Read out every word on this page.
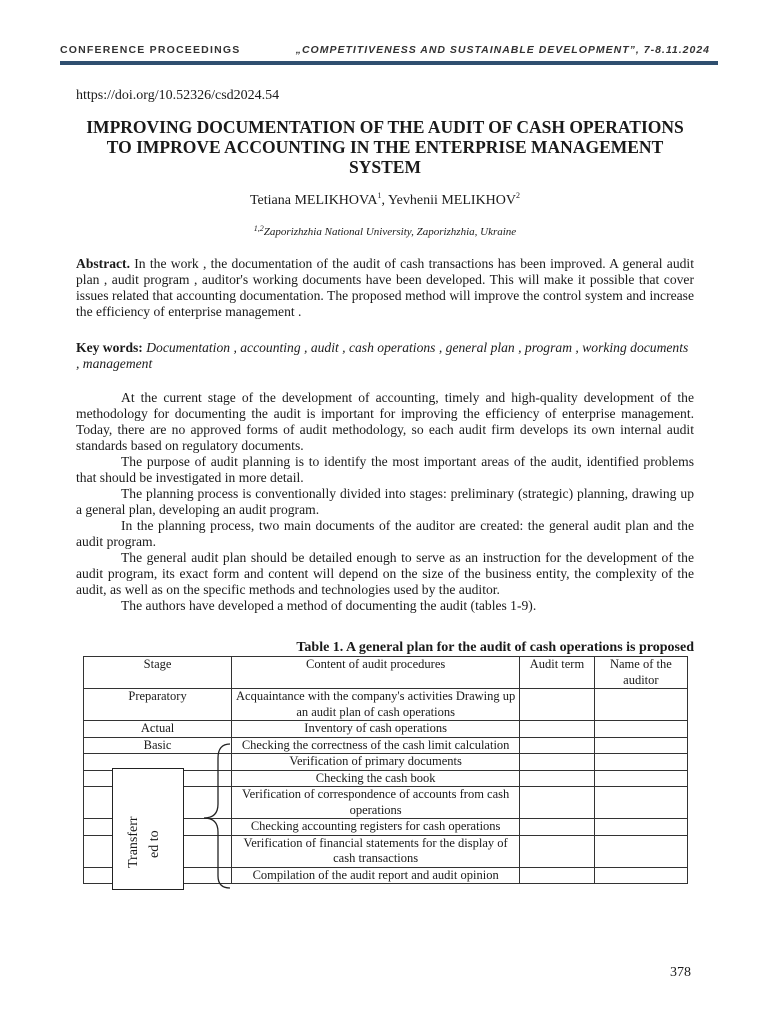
CONFERENCE PROCEEDINGS	„COMPETITIVENESS AND SUSTAINABLE DEVELOPMENT”, 7-8.11.2024
https://doi.org/10.52326/csd2024.54
IMPROVING DOCUMENTATION OF THE AUDIT OF CASH OPERATIONS TO IMPROVE ACCOUNTING IN THE ENTERPRISE MANAGEMENT SYSTEM
Tetiana MELIKHOVA$^1$, Yevhenii MELIKHOV$^2$
$^{1,2}$Zaporizhzhia National University, Zaporizhzhia, Ukraine
Abstract. In the work , the documentation of the audit of cash transactions has been improved. A general audit plan , audit program , auditor's working documents have been developed. This will make it possible that cover issues related that accounting documentation. The proposed method will improve the control system and increase the efficiency of enterprise management .
Key words: Documentation , accounting , audit , cash operations , general plan , program , working documents , management
At the current stage of the development of accounting, timely and high-quality development of the methodology for documenting the audit is important for improving the efficiency of enterprise management. Today, there are no approved forms of audit methodology, so each audit firm develops its own internal audit standards based on regulatory documents.
The purpose of audit planning is to identify the most important areas of the audit, identified problems that should be investigated in more detail.
The planning process is conventionally divided into stages: preliminary (strategic) planning, drawing up a general plan, developing an audit program.
In the planning process, two main documents of the auditor are created: the general audit plan and the audit program.
The general audit plan should be detailed enough to serve as an instruction for the development of the audit program, its exact form and content will depend on the size of the business entity, the complexity of the audit, as well as on the specific methods and technologies used by the auditor.
The authors have developed a method of documenting the audit (tables 1-9).
Table 1. A general plan for the audit of cash operations is proposed
Stage	Content of audit procedures	Audit term	Name of the auditor
Preparatory	Acquaintance with the company's activities Drawing up an audit plan of cash operations		
Actual	Inventory of cash operations		
Basic	Checking the correctness of the cash limit calculation		
	Verification of primary documents		
	Checking the cash book		
	Verification of correspondence of accounts from cash operations		
	Checking accounting registers for cash operations		
	Verification of financial statements for the display of cash transactions		
	Compilation of the audit report and audit opinion		
Transferr ed to
378
